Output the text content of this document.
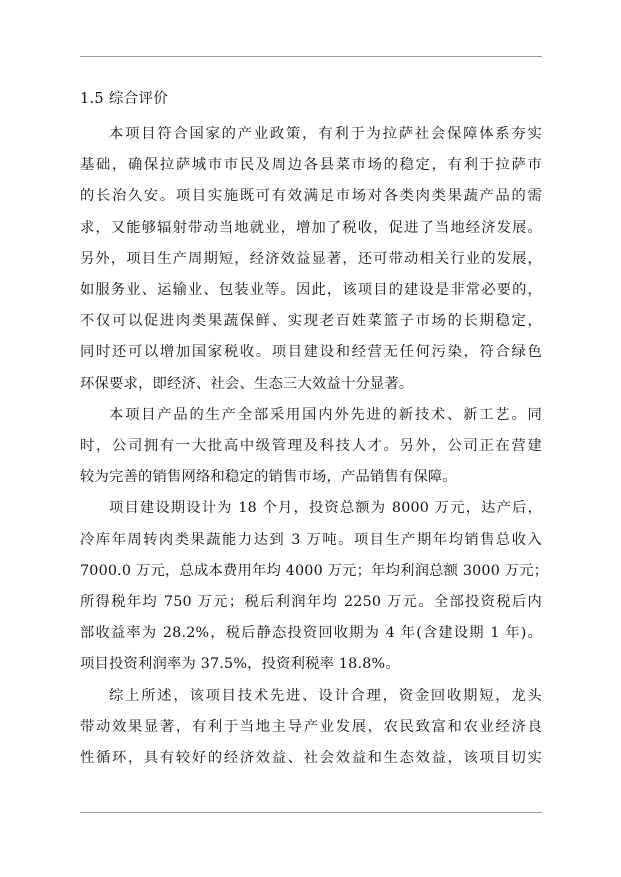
1.5 综合评价
本项目符合国家的产业政策，有利于为拉萨社会保障体系夯实
基础，确保拉萨城市市民及周边各县菜市场的稳定，有利于拉萨市
的长治久安。项目实施既可有效满足市场对各类肉类果蔬产品的需
求，又能够辐射带动当地就业，增加了税收，促进了当地经济发展。
另外，项目生产周期短，经济效益显著，还可带动相关行业的发展，
如服务业、运输业、包装业等。因此，该项目的建设是非常必要的，
不仅可以促进肉类果蔬保鲜、实现老百姓菜篮子市场的长期稳定，
同时还可以增加国家税收。项目建设和经营无任何污染，符合绿色
环保要求，即经济、社会、生态三大效益十分显著。
本项目产品的生产全部采用国内外先进的新技术、新工艺。同
时，公司拥有一大批高中级管理及科技人才。另外，公司正在营建
较为完善的销售网络和稳定的销售市场，产品销售有保障。
项目建设期设计为 18 个月，投资总额为 8000 万元，达产后，
冷库年周转肉类果蔬能力达到 3 万吨。项目生产期年均销售总收入
7000.0 万元，总成本费用年均 4000 万元；年均利润总额 3000 万元；
所得税年均 750 万元；税后利润年均 2250 万元。全部投资税后内
部收益率为 28.2%，税后静态投资回收期为 4 年(含建设期 1 年)。
项目投资利润率为 37.5%，投资利税率 18.8%。
综上所述，该项目技术先进、设计合理，资金回收期短，龙头
带动效果显著，有利于当地主导产业发展，农民致富和农业经济良
性循环，具有较好的经济效益、社会效益和生态效益，该项目切实
